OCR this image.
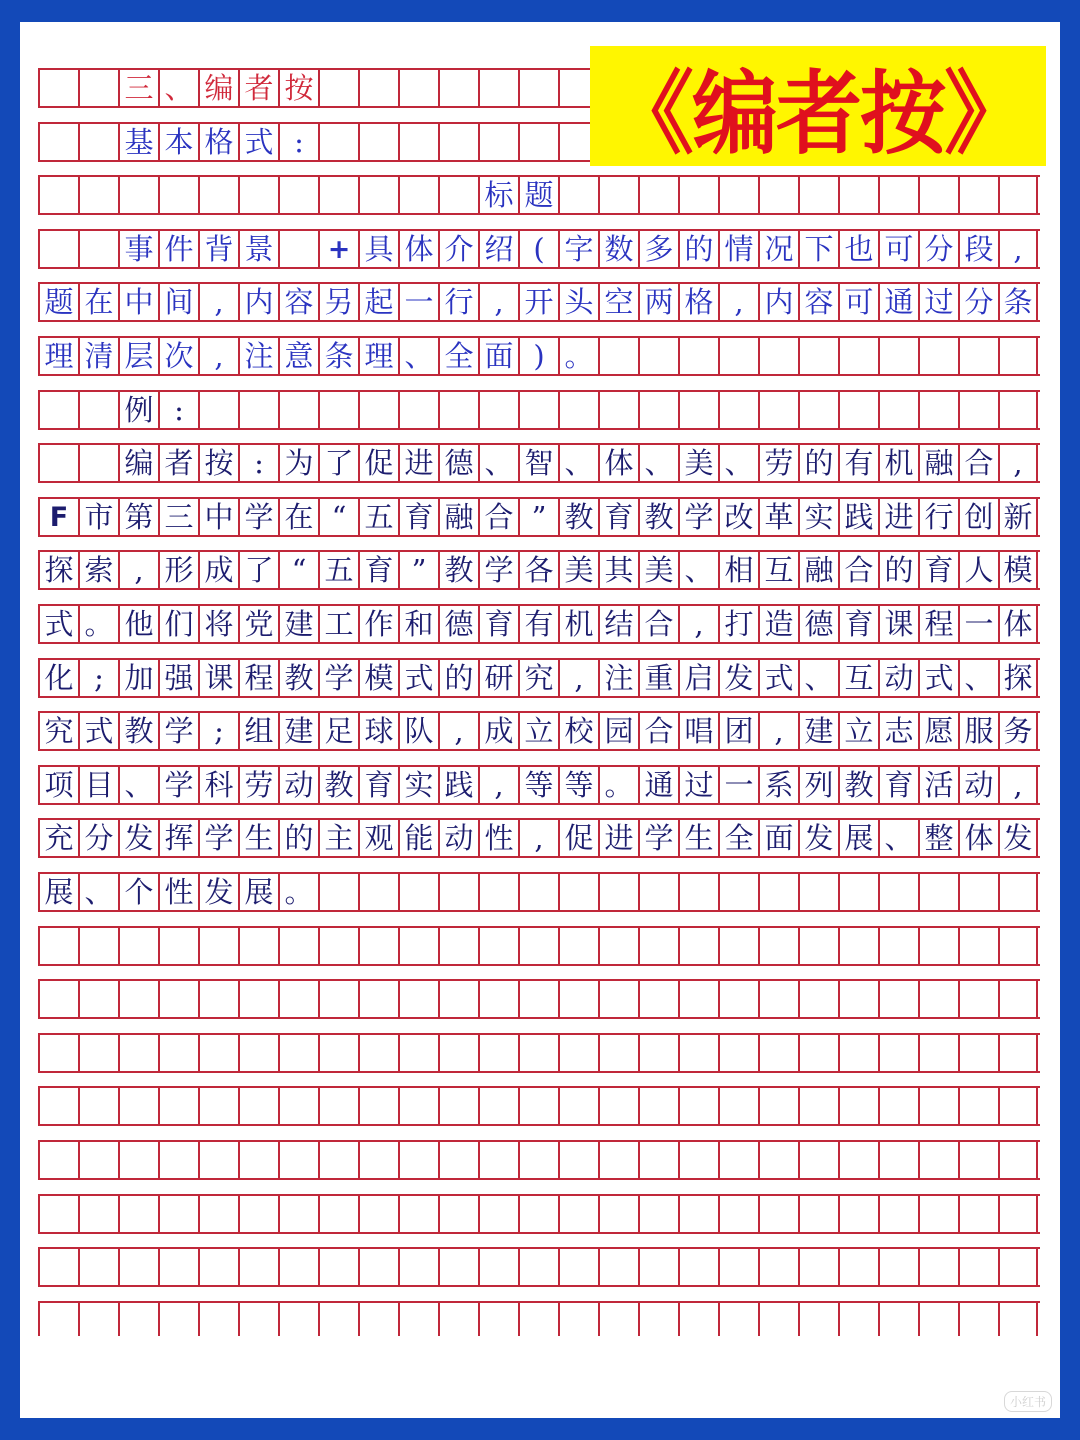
三 、 编 者 按
基 本 格 式 :
标 题
事 件 背 景	+ 具 体 介 绍 ( 字 数 多 的 情 况 下 也 可 分 段 ,
题 在 中 间 , 内 容 另 起 一 行 , 开 头 空 两 格 , 内 容 可 通 过 分 条
理 清 层 次 , 注 意 条 理 、 全 面 ) 。
例 :
编 者 按 : 为 了 促 进 德 、 智 、 体 、 美 、 劳 的 有 机 融 合 ,
F 市 第 三 中 学 在 “ 五 育 融 合 ” 教 育 教 学 改 革 实 践 进 行 创 新
探 索 , 形 成 了 “ 五 育 ” 教 学 各 美 其 美 、 相 互 融 合 的 育 人 模
式 。 他 们 将 党 建 工 作 和 德 育 有 机 结 合 , 打 造 德 育 课 程 一 体
化 ; 加 强 课 程 教 学 模 式 的 研 究 , 注 重 启 发 式 、 互 动 式 、 探
究 式 教 学 ; 组 建 足 球 队 , 成 立 校 园 合 唱 团 , 建 立 志 愿 服 务
项 目 、 学 科 劳 动 教 育 实 践 , 等 等 。 通 过 一 系 列 教 育 活 动 ,
充 分 发 挥 学 生 的 主 观 能 动 性 , 促 进 学 生 全 面 发 展 、 整 体 发
展 、 个 性 发 展 。
《编者按》
小红书
